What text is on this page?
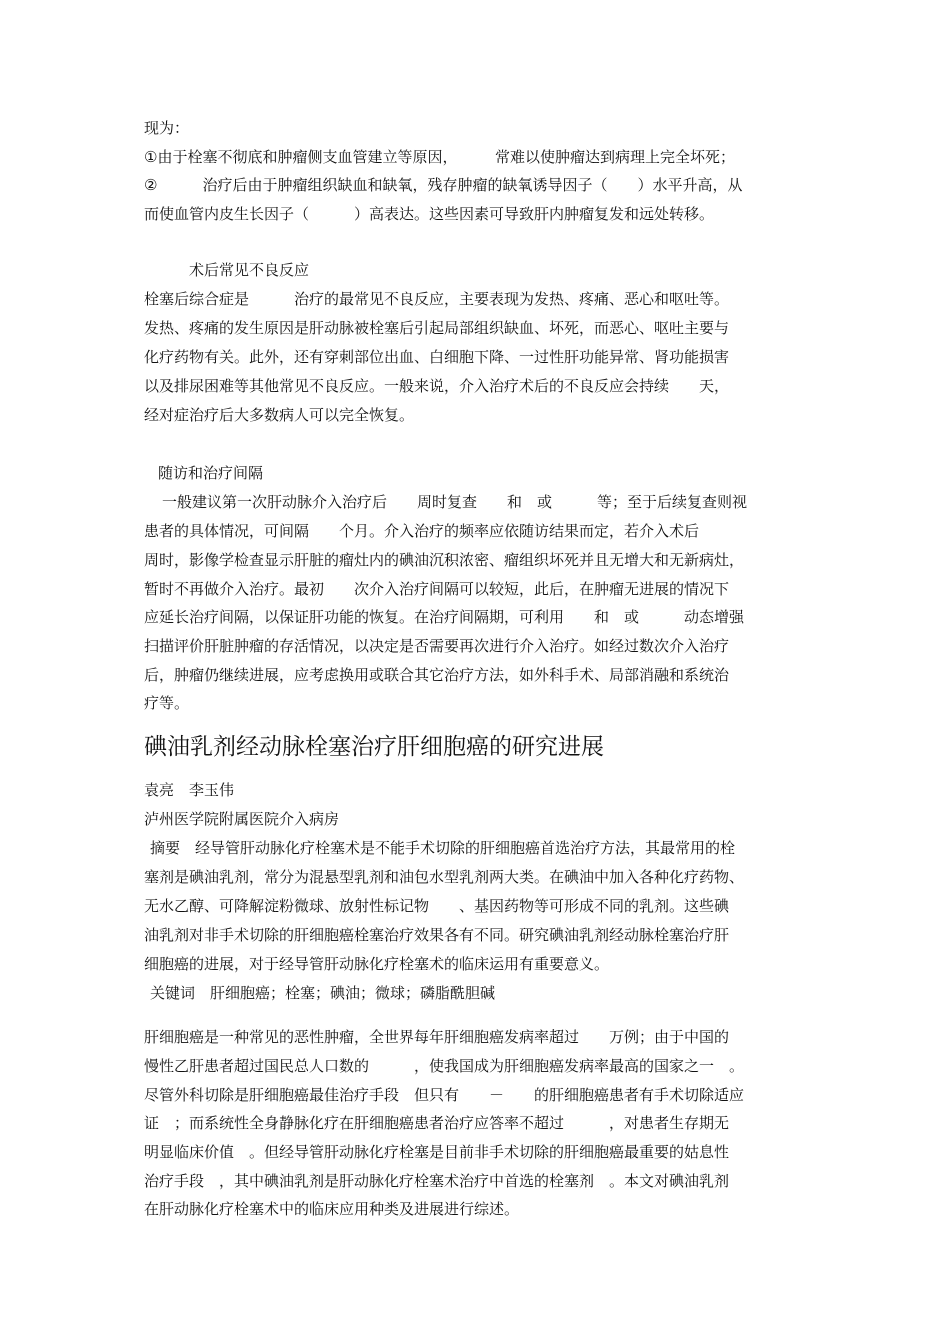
现为：

①由于栓塞不彻底和肿瘤侧支血管建立等原因，　　　常难以使肿瘤达到病理上完全坏死；

②　　　治疗后由于肿瘤组织缺血和缺氧，残存肿瘤的缺氧诱导因子（　　）水平升高，从

而使血管内皮生长因子（　　　）高表达。这些因素可导致肝内肿瘤复发和远处转移。

　　　术后常见不良反应

栓塞后综合症是　　　治疗的最常见不良反应，主要表现为发热、疼痛、恶心和呕吐等。

发热、疼痛的发生原因是肝动脉被栓塞后引起局部组织缺血、坏死，而恶心、呕吐主要与

化疗药物有关。此外，还有穿刺部位出血、白细胞下降、一过性肝功能异常、肾功能损害

以及排尿困难等其他常见不良反应。一般来说，介入治疗术后的不良反应会持续　　天，

经对症治疗后大多数病人可以完全恢复。

随访和治疗间隔

一般建议第一次肝动脉介入治疗后　　周时复查　　和　或　　　等；至于后续复查则视

患者的具体情况，可间隔　　个月。介入治疗的频率应依随访结果而定，若介入术后

周时，影像学检查显示肝脏的瘤灶内的碘油沉积浓密、瘤组织坏死并且无增大和无新病灶，

暂时不再做介入治疗。最初　　次介入治疗间隔可以较短，此后，在肿瘤无进展的情况下

应延长治疗间隔，以保证肝功能的恢复。在治疗间隔期，可利用　　和　或　　　动态增强

扫描评价肝脏肿瘤的存活情况，以决定是否需要再次进行介入治疗。如经过数次介入治疗

后，肿瘤仍继续进展，应考虑换用或联合其它治疗方法，如外科手术、局部消融和系统治

疗等。

碘油乳剂经动脉栓塞治疗肝细胞癌的研究进展

袁亮　李玉伟

泸州医学院附属医院介入病房

摘要　经导管肝动脉化疗栓塞术是不能手术切除的肝细胞癌首选治疗方法，其最常用的栓

塞剂是碘油乳剂，常分为混悬型乳剂和油包水型乳剂两大类。在碘油中加入各种化疗药物、

无水乙醇、可降解淀粉微球、放射性标记物　　、基因药物等可形成不同的乳剂。这些碘

油乳剂对非手术切除的肝细胞癌栓塞治疗效果各有不同。研究碘油乳剂经动脉栓塞治疗肝

细胞癌的进展，对于经导管肝动脉化疗栓塞术的临床运用有重要意义。

关键词　肝细胞癌；栓塞；碘油；微球；磷脂酰胆碱

肝细胞癌是一种常见的恶性肿瘤，全世界每年肝细胞癌发病率超过　　万例；由于中国的

慢性乙肝患者超过国民总人口数的　　　，使我国成为肝细胞癌发病率最高的国家之一　。

尽管外科切除是肝细胞癌最佳治疗手段　但只有　　－　　的肝细胞癌患者有手术切除适应

证　；而系统性全身静脉化疗在肝细胞癌患者治疗应答率不超过　　　，对患者生存期无

明显临床价值　。但经导管肝动脉化疗栓塞是目前非手术切除的肝细胞癌最重要的姑息性

治疗手段　，其中碘油乳剂是肝动脉化疗栓塞术治疗中首选的栓塞剂　。本文对碘油乳剂

在肝动脉化疗栓塞术中的临床应用种类及进展进行综述。
